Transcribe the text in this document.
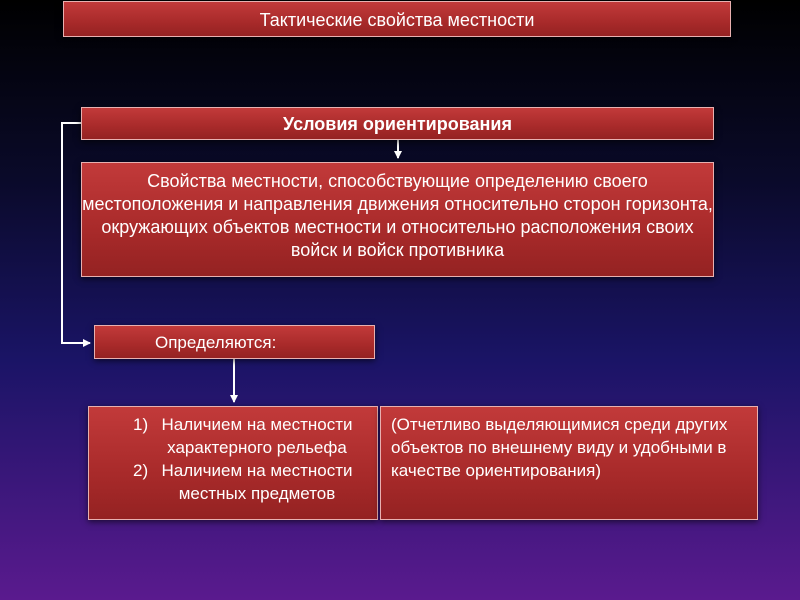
Тактические свойства местности
Условия ориентирования
Свойства местности, способствующие определению своего местоположения и направления движения относительно сторон горизонта, окружающих объектов местности и относительно расположения своих войск и войск противника
Определяются:
1) Наличием на местности характерного рельефа
2) Наличием на местности местных предметов
(Отчетливо выделяющимися среди других объектов по внешнему виду и удобными в качестве ориентирования)
